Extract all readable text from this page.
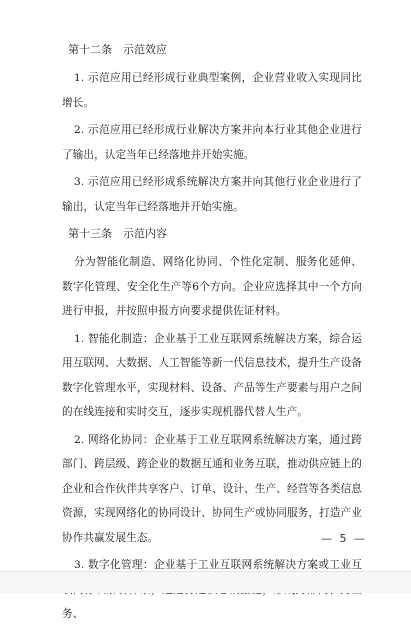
第十二条　示范效应

1. 示范应用已经形成行业典型案例，企业营业收入实现同比增长。

2. 示范应用已经形成行业解决方案并向本行业其他企业进行了输出，认定当年已经落地并开始实施。

3. 示范应用已经形成系统解决方案并向其他行业企业进行了输出，认定当年已经落地并开始实施。

第十三条　示范内容

分为智能化制造、网络化协同、个性化定制、服务化延伸、数字化管理、安全化生产等6个方向。企业应选择其中一个方向进行申报，并按照申报方向要求提供佐证材料。

1. 智能化制造：企业基于工业互联网系统解决方案，综合运用互联网、大数据、人工智能等新一代信息技术，提升生产设备数字化管理水平，实现材料、设备、产品等生产要素与用户之间的在线连接和实时交互，逐步实现机器代替人生产。

2. 网络化协同：企业基于工业互联网系统解决方案，通过跨部门、跨层级、跨企业的数据互通和业务互联，推动供应链上的企业和合作伙伴共享客户、订单、设计、生产、经营等各类信息资源，实现网络化的协同设计、协同生产或协同服务，打造产业协作共赢发展生态。

3. 数字化管理：企业基于工业互联网系统解决方案或工业互 务、

— 5 —
